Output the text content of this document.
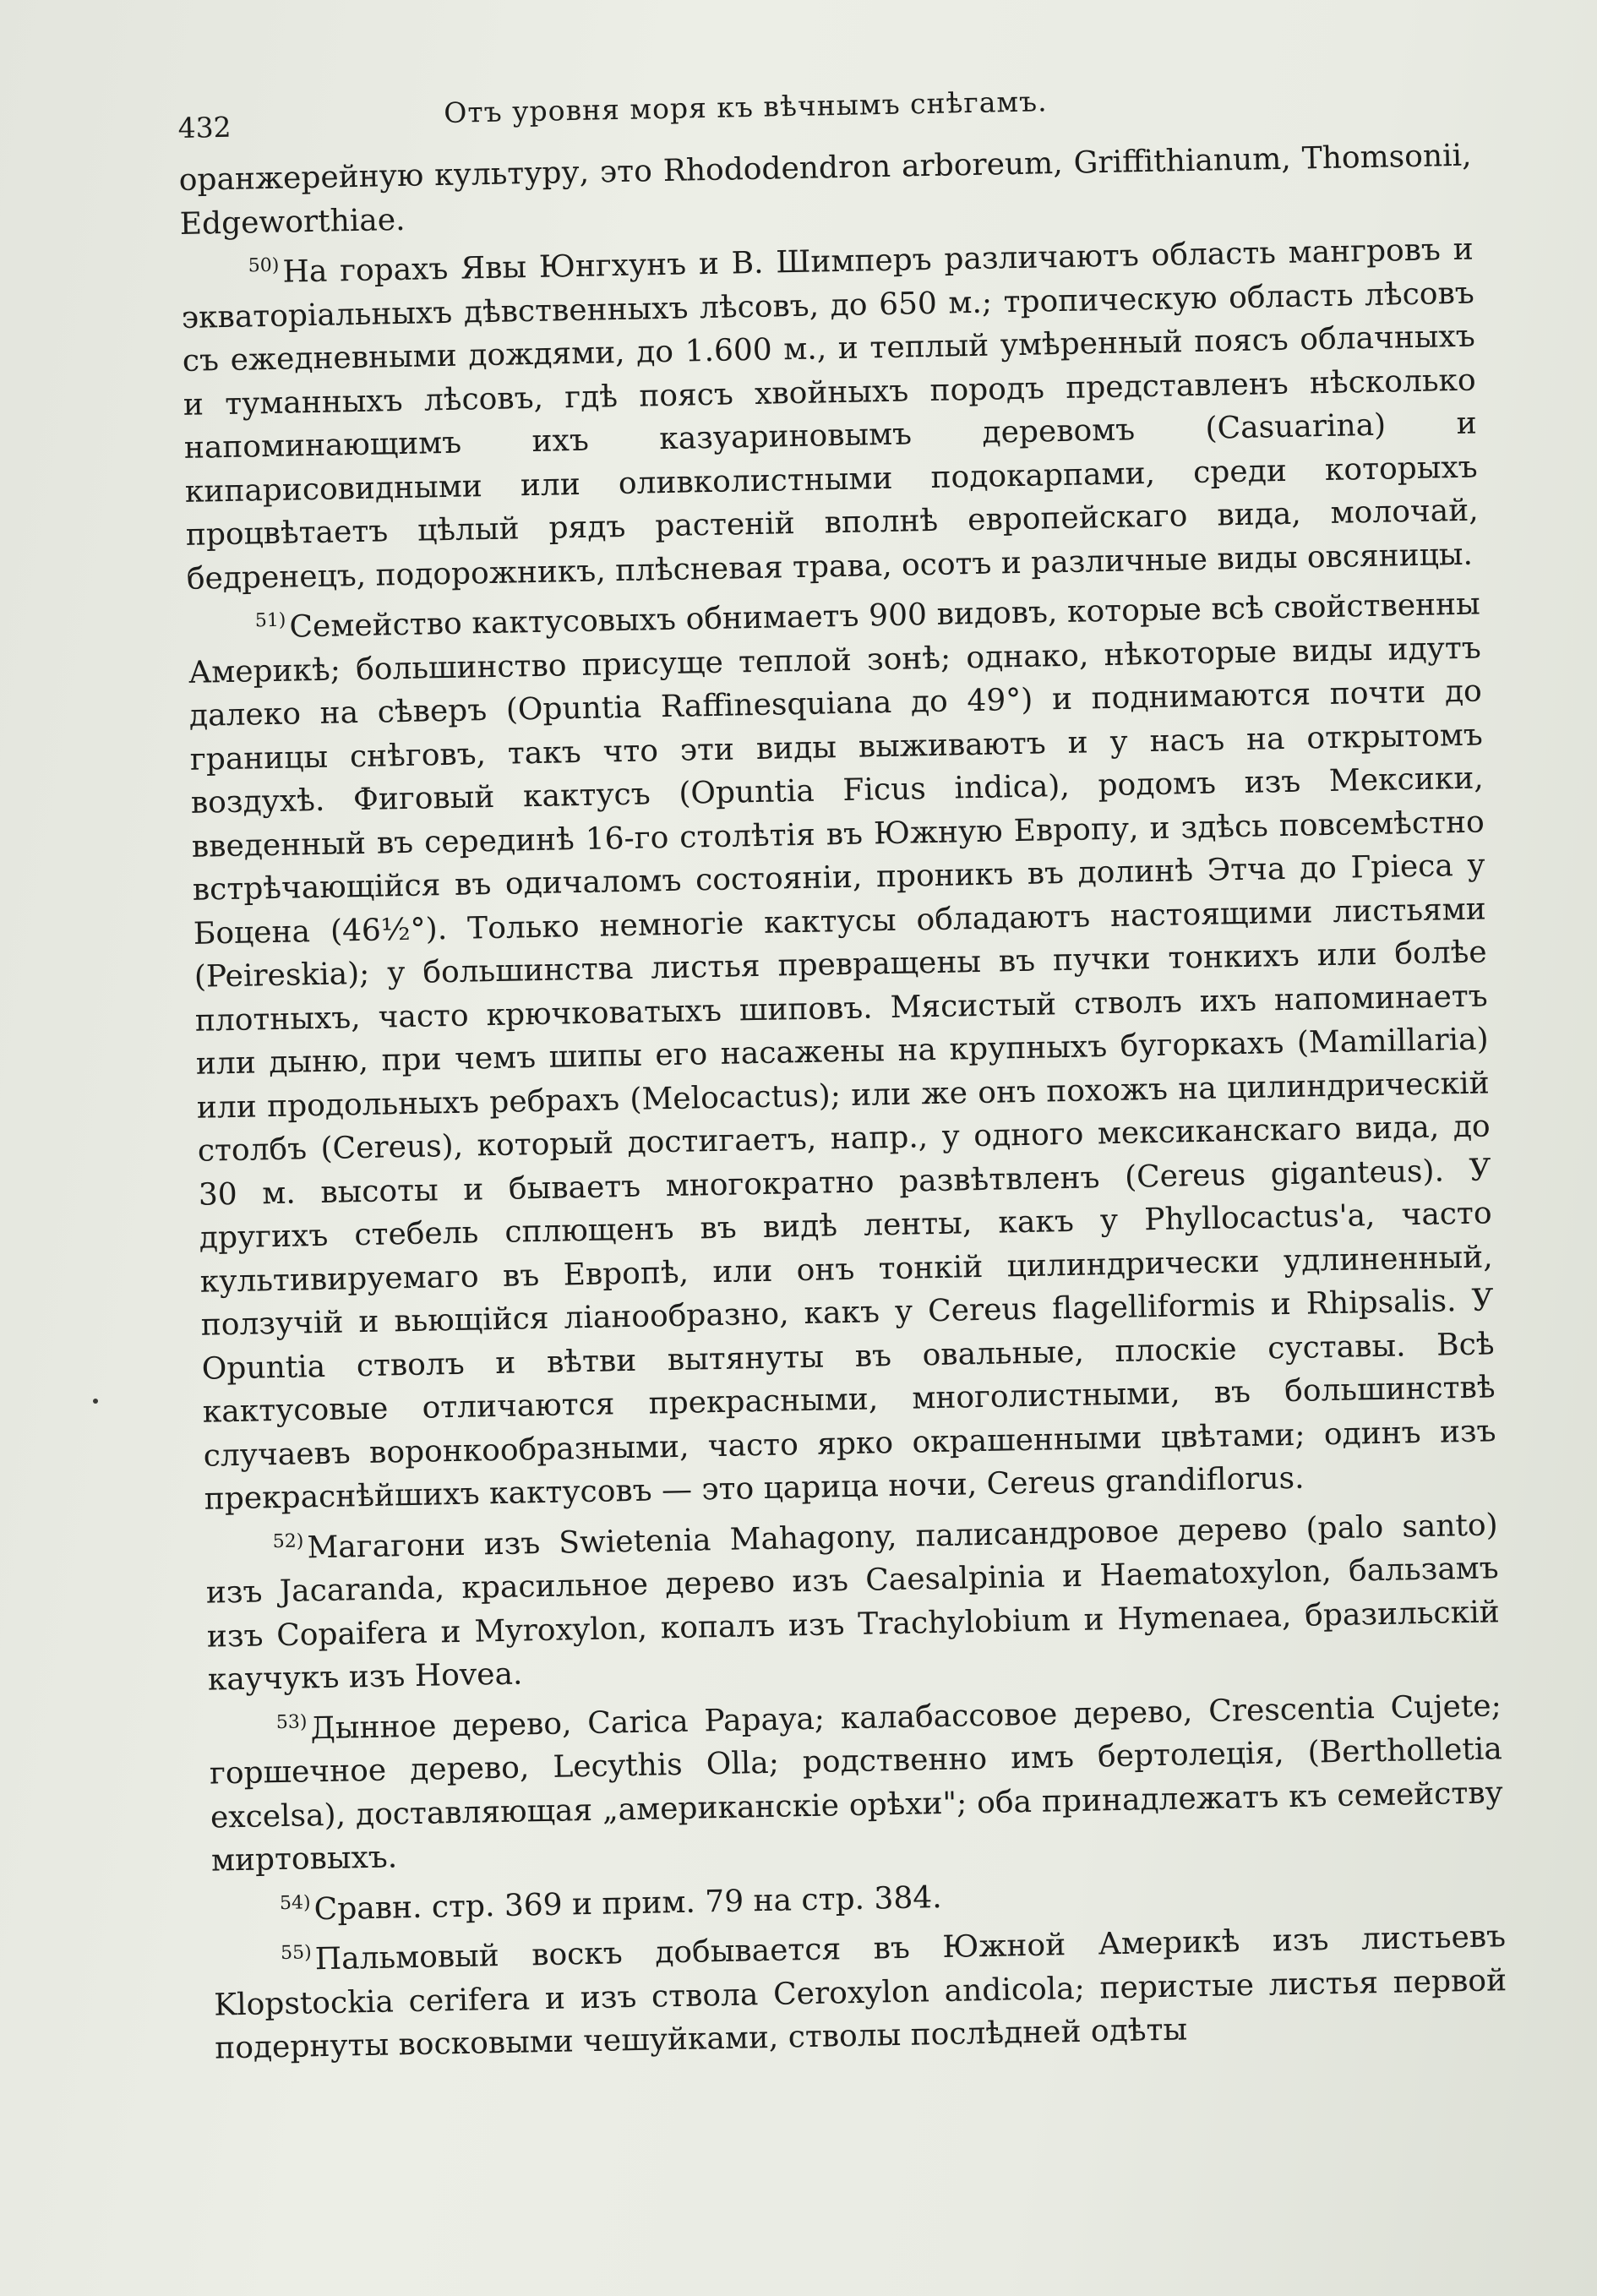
432	Отъ уровня моря къ вѣчнымъ снѣгамъ.

оранжерейную культуру, это Rhododendron arboreum, Griffithianum, Thomsonii, Edgeworthiae.

$^{50)}$На горахъ Явы Юнгхунъ и В. Шимперъ различаютъ область мангровъ и экваторіальныхъ дѣвственныхъ лѣсовъ, до 650 м.; тропическую область лѣсовъ съ ежедневными дождями, до 1.600 м., и теплый умѣренный поясъ облачныхъ и туманныхъ лѣсовъ, гдѣ поясъ хвойныхъ породъ представленъ нѣсколько напоминающимъ ихъ казуариновымъ деревомъ (Casuarina) и кипарисовидными или оливколистными подокарпами, среди которыхъ процвѣтаетъ цѣлый рядъ растеній вполнѣ европейскаго вида, молочай, бедренецъ, подорожникъ, плѣсневая трава, осотъ и различные виды овсяницы.

$^{51)}$Семейство кактусовыхъ обнимаетъ 900 видовъ, которые всѣ свойственны Америкѣ; большинство присуще теплой зонѣ; однако, нѣкоторые виды идутъ далеко на сѣверъ (Opuntia Raffinesquiana до 49°) и поднимаются почти до границы снѣговъ, такъ что эти виды выживаютъ и у насъ на открытомъ воздухѣ. Фиговый кактусъ (Opuntia Ficus indica), родомъ изъ Мексики, введенный въ серединѣ 16-го столѣтія въ Южную Европу, и здѣсь повсемѣстно встрѣчающійся въ одичаломъ состояніи, проникъ въ долинѣ Этча до Гріеса у Боцена (46½°). Только немногіе кактусы обладаютъ настоящими листьями (Peireskia); у большинства листья превращены въ пучки тонкихъ или болѣе плотныхъ, часто крючковатыхъ шиповъ. Мясистый стволъ ихъ напоминаетъ или дыню, при чемъ шипы его насажены на крупныхъ бугоркахъ (Mamillaria) или продольныхъ ребрахъ (Melocactus); или же онъ похожъ на цилиндрическій столбъ (Cereus), который достигаетъ, напр., у одного мексиканскаго вида, до 30 м. высоты и бываетъ многократно развѣтвленъ (Cereus giganteus). У другихъ стебель сплющенъ въ видѣ ленты, какъ у Phyllocactus'а, часто культивируемаго въ Европѣ, или онъ тонкій цилиндрически удлиненный, ползучій и вьющійся ліанообразно, какъ у Cereus flagelliformis и Rhipsalis. У Opuntia стволъ и вѣтви вытянуты въ овальные, плоскіе суставы. Всѣ кактусовые отличаются прекрасными, многолистными, въ большинствѣ случаевъ воронкообразными, часто ярко окрашенными цвѣтами; одинъ изъ прекраснѣйшихъ кактусовъ — это царица ночи, Cereus grandiflorus.

$^{52)}$Магагони изъ Swietenia Mahagony, палисандровое дерево (palo santo) изъ Jacaranda, красильное дерево изъ Caesalpinia и Haematoxylon, бальзамъ изъ Copaifera и Myroxylon, копалъ изъ Trachylobium и Hymenaea, бразильскій каучукъ изъ Hovea.

$^{53)}$Дынное дерево, Carica Papaya; калабассовое дерево, Crescentia Cujete; горшечное дерево, Lecythis Olla; родственно имъ бертолеція, (Bertholletia excelsa), доставляющая „американскіе орѣхи"; оба принадлежатъ къ семейству миртовыхъ.

$^{54)}$Сравн. стр. 369 и прим. 79 на стр. 384.

$^{55)}$Пальмовый воскъ добывается въ Южной Америкѣ изъ листьевъ Klopstockia cerifera и изъ ствола Ceroxylon andicola; перистые листья первой подернуты восковыми чешуйками, стволы послѣдней одѣты
